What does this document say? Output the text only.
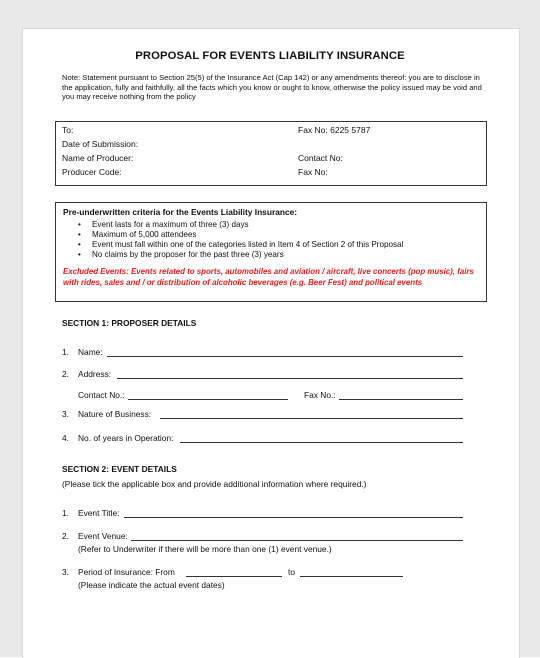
PROPOSAL FOR EVENTS LIABILITY INSURANCE
Note: Statement pursuant to Section 25(5) of the Insurance Act (Cap 142) or any amendments thereof: you are to disclose in the application, fully and faithfully, all the facts which you know or ought to know, otherwise the policy issued may be void and you may receive nothing from the policy
To:	Fax No: 6225 5787
Date of Submission:
Name of Producer:	Contact No:
Producer Code:	Fax No:
Pre-underwritten criteria for the Events Liability Insurance:
• Event lasts for a maximum of three (3) days
• Maximum of 5,000 attendees
• Event must fall within one of the categories listed in Item 4 of Section 2 of this Proposal
• No claims by the proposer for the past three (3) years
Excluded Events: Events related to sports, automobiles and aviation / aircraft, live concerts (pop music), fairs with rides, sales and / or distribution of alcoholic beverages (e.g. Beer Fest) and political events
SECTION 1: PROPOSER DETAILS
1. Name:
2. Address:
Contact No.:	Fax No.:
3. Nature of Business:
4. No. of years in Operation:
SECTION 2: EVENT DETAILS
(Please tick the applicable box and provide additional information where required.)
1. Event Title:
2. Event Venue:
(Refer to Underwriter if there will be more than one (1) event venue.)
3. Period of Insurance: From	to
(Please indicate the actual event dates)
